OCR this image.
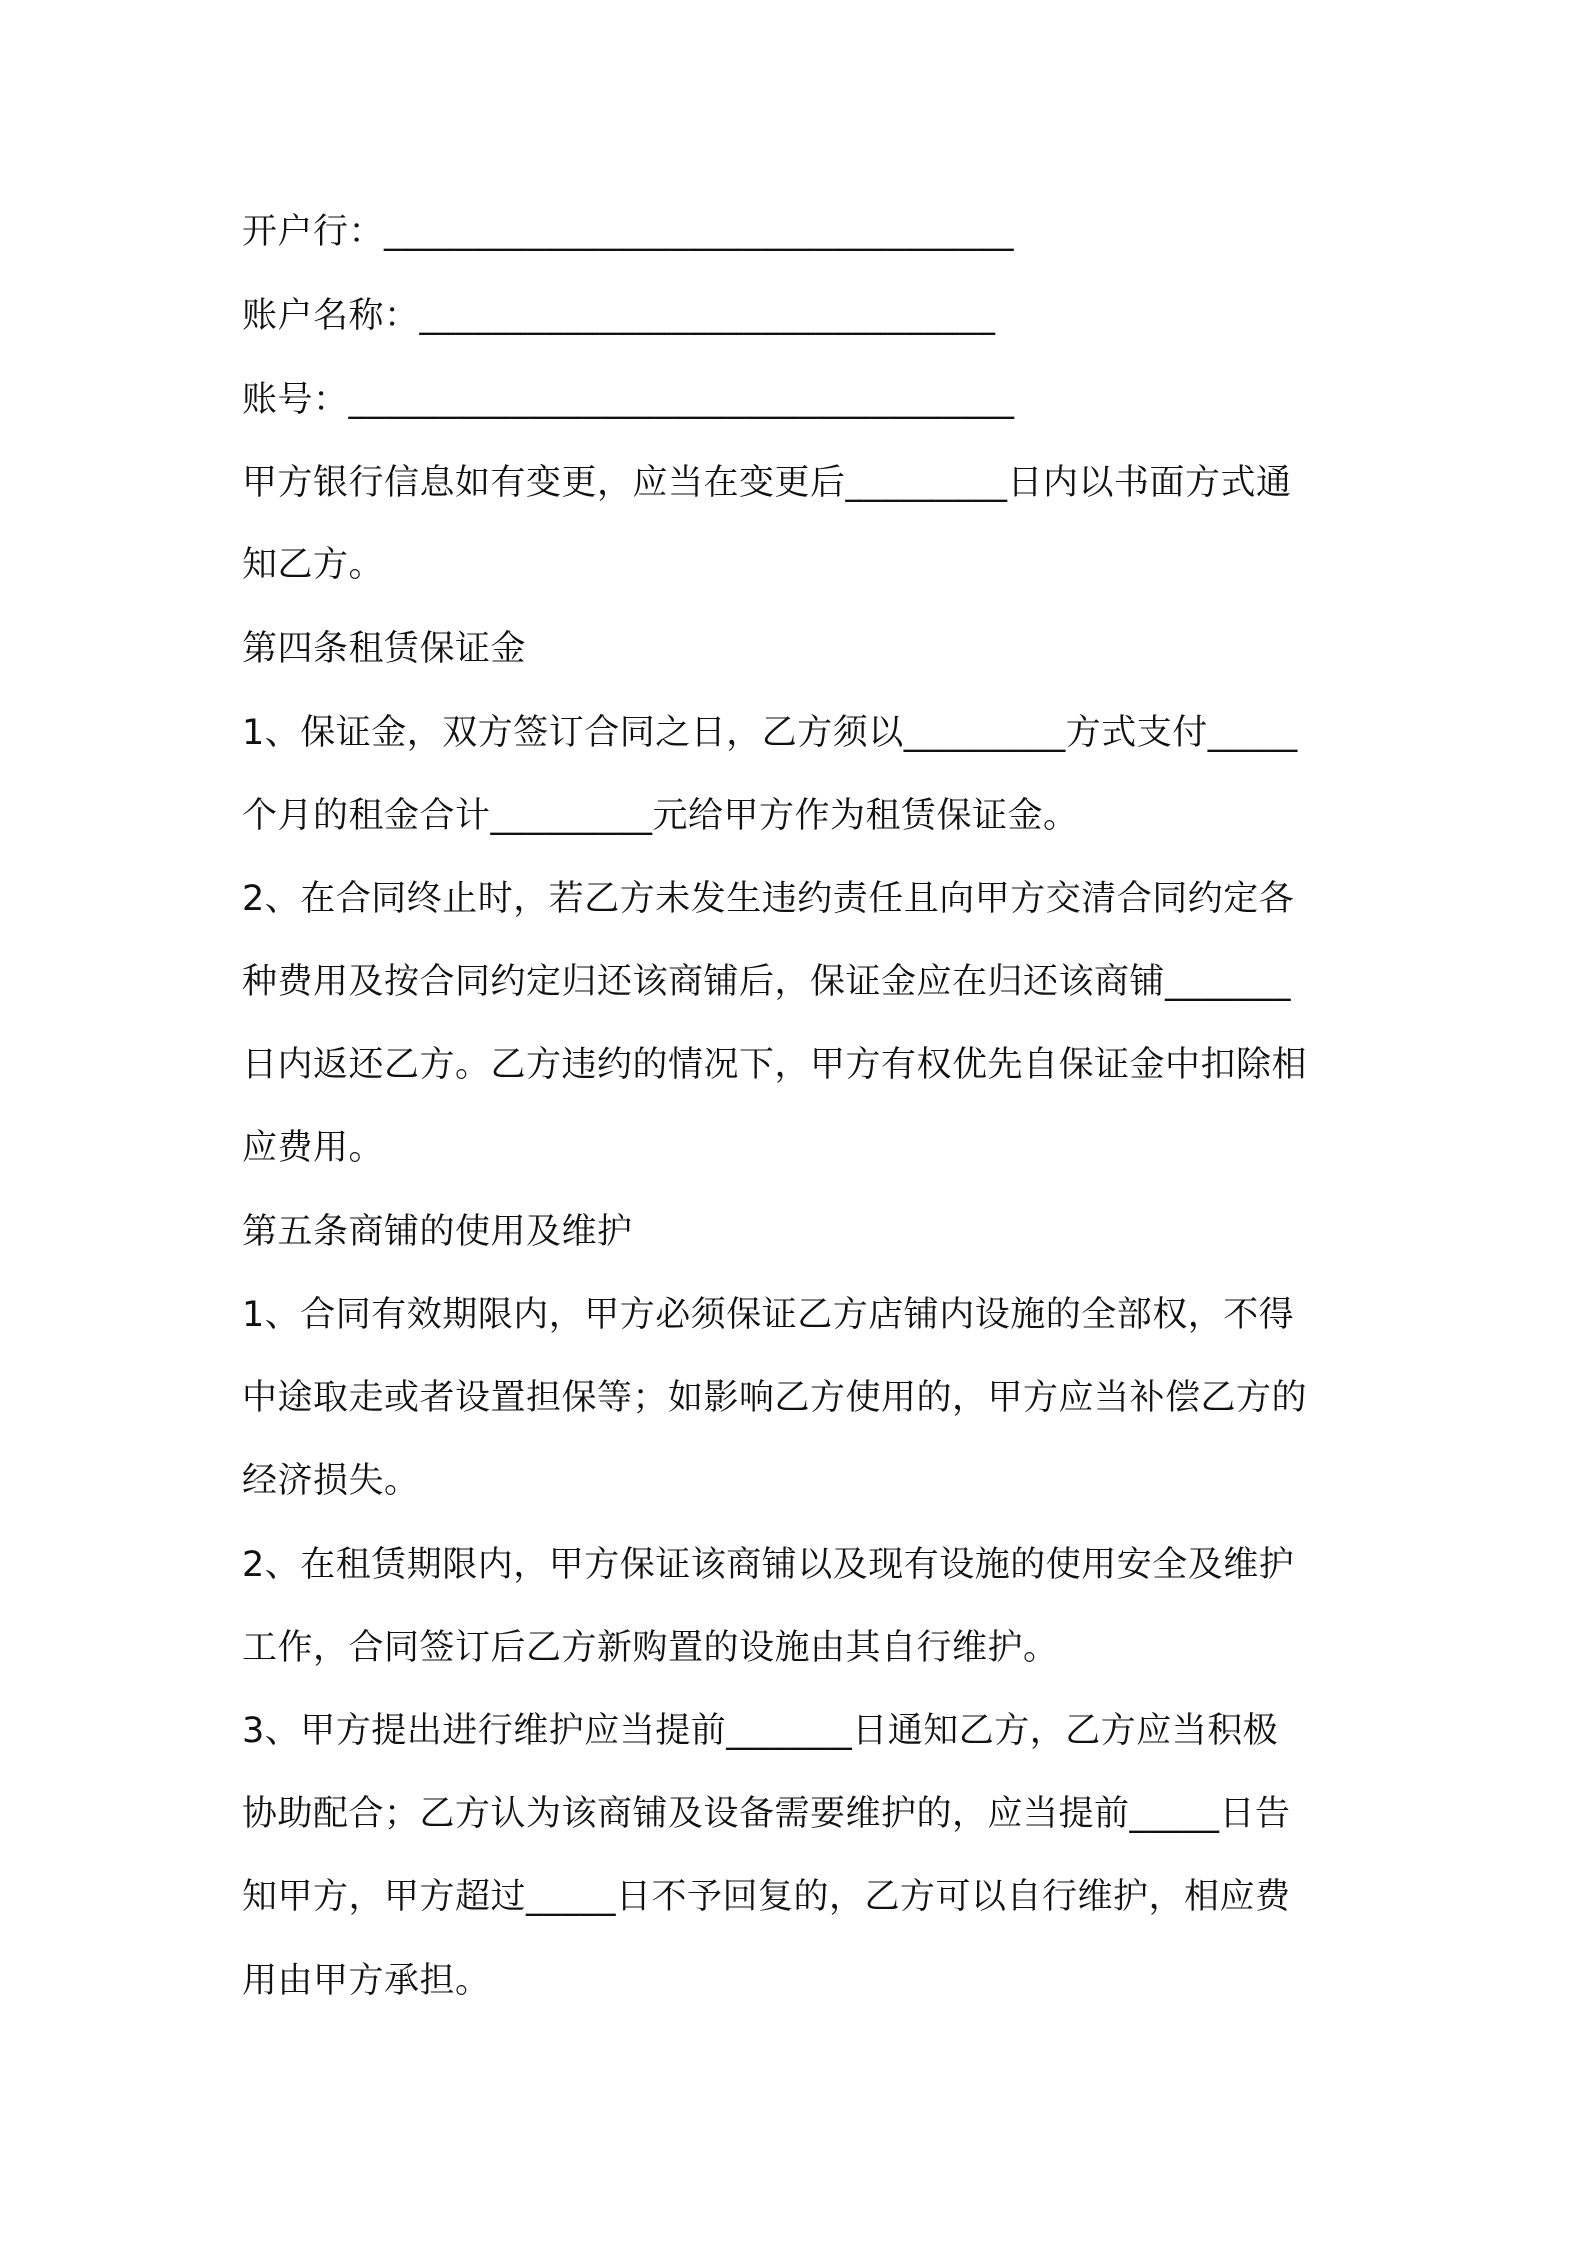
开户行：___________________________________
账户名称：________________________________
账号：_____________________________________
甲方银行信息如有变更，应当在变更后_________日内以书面方式通
知乙方。
第四条租赁保证金
1、保证金，双方签订合同之日，乙方须以_________方式支付_____
个月的租金合计_________元给甲方作为租赁保证金。
2、在合同终止时，若乙方未发生违约责任且向甲方交清合同约定各
种费用及按合同约定归还该商铺后，保证金应在归还该商铺_______
日内返还乙方。乙方违约的情况下，甲方有权优先自保证金中扣除相
应费用。
第五条商铺的使用及维护
1、合同有效期限内，甲方必须保证乙方店铺内设施的全部权，不得
中途取走或者设置担保等；如影响乙方使用的，甲方应当补偿乙方的
经济损失。
2、在租赁期限内，甲方保证该商铺以及现有设施的使用安全及维护
工作，合同签订后乙方新购置的设施由其自行维护。
3、甲方提出进行维护应当提前_______日通知乙方，乙方应当积极
协助配合；乙方认为该商铺及设备需要维护的，应当提前_____日告
知甲方，甲方超过_____日不予回复的，乙方可以自行维护，相应费
用由甲方承担。
